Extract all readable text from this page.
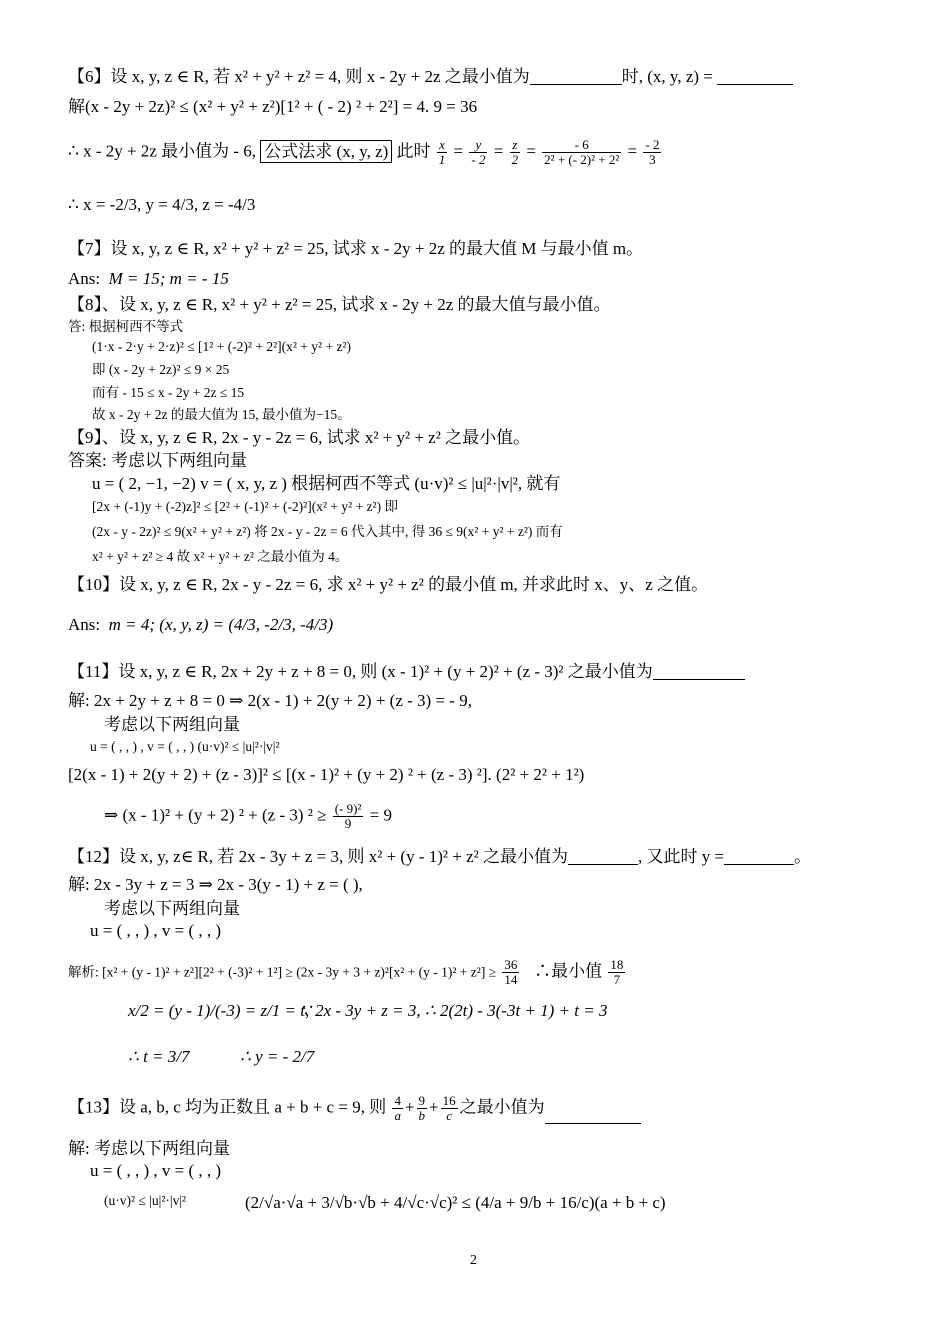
【6】设 x, y, z ∈ R, 若 x² + y² + z² = 4, 则 x - 2y + 2z 之最小值为	时, (x, y, z) =
解(x - 2y + 2z)² ≤ (x² + y² + z²)[1² + ( - 2) ² + 2²] = 4. 9 = 36
∴ x - 2y + 2z 最小值为 - 6, 公式法求 (x, y, z) 此时 $\frac{x}{1} = \frac{y}{- 2} = \frac{z}{2} = \frac{- 6}{\text{2² + (- 2)² + 2²}} = \frac{- 2}{3}$
∴ x = -2/3, y = 4/3, z = -4/3
【7】设 x, y, z ∈ R, x² + y² + z² = 25, 试求 x - 2y + 2z 的最大值 M 与最小值 m。
Ans: M = 15; m = - 15
【8】、设 x, y, z ∈ R, x² + y² + z² = 25, 试求 x - 2y + 2z 的最大值与最小值。
答: 根据柯西不等式
(1·x - 2·y + 2·z)² ≤ [1² + (-2)² + 2²](x² + y² + z²)
即 (x - 2y + 2z)² ≤ 9 × 25
而有 - 15 ≤ x - 2y + 2z ≤ 15
故 x - 2y + 2z 的最大值为 15, 最小值为−15。
【9】、设 x, y, z ∈ R, 2x - y - 2z = 6, 试求 x² + y² + z² 之最小值。
答案: 考虑以下两组向量
u = ( 2, −1, −2) v = ( x, y, z ) 根据柯西不等式 (u·v)² ≤ |u|²·|v|², 就有
[2x + (-1)y + (-2)z]² ≤ [2² + (-1)² + (-2)²](x² + y² + z²) 即
(2x - y - 2z)² ≤ 9(x² + y² + z²) 将 2x - y - 2z = 6 代入其中, 得 36 ≤ 9(x² + y² + z²) 而有
x² + y² + z² ≥ 4 故 x² + y² + z² 之最小值为 4。
【10】设 x, y, z ∈ R, 2x - y - 2z = 6, 求 x² + y² + z² 的最小值 m, 并求此时 x、y、z 之值。
Ans: m = 4; (x, y, z) = (4/3, -2/3, -4/3)
【11】设 x, y, z ∈ R, 2x + 2y + z + 8 = 0, 则 (x - 1)² + (y + 2)² + (z - 3)² 之最小值为
解: 2x + 2y + z + 8 = 0 ⇒ 2(x - 1) + 2(y + 2) + (z - 3) = - 9,
考虑以下两组向量
u = ( , , ) , v = ( , , ) (u·v)² ≤ |u|²·|v|²
[2(x - 1) + 2(y + 2) + (z - 3)]² ≤ [(x - 1)² + (y + 2) ² + (z - 3) ²]. (2² + 2² + 1²)
⇒ (x - 1)² + (y + 2) ² + (z - 3) $^2 \ge \frac{\text{(- 9)²}}{9} = 9$
【12】设 x, y, z∈ R, 若 2x - 3y + z = 3, 则 x² + (y - 1)² + z² 之最小值为	, 又此时 y =	。
解: 2x - 3y + z = 3 ⇒ 2x - 3(y - 1) + z = ( ),
考虑以下两组向量
u = ( , , ) , v = ( , , )
解析: $[x^2 + (y - 1)^2 + z^2][2^2 + (-3)^2 + 1^2] \ge (2x - 3y + 3 + z)^2[x^2 + (y - 1)^2 + z^2] \ge \frac{36}{14}$ ∴最小值 $\frac{18}{7}$
x/2 = (y - 1)/(-3) = z/1 = t,
∵ 2x - 3y + z = 3, ∴ 2(2t) - 3(-3t + 1) + t = 3
∴ t = 3/7	∴ y = - 2/7
【13】设 a, b, c 均为正数且 a + b + c = 9, 则 $\frac{4}{a} + \frac{9}{b} + \frac{16}{c}$ 之最小值为
解: 考虑以下两组向量
u = ( , , ) , v = ( , , )
(u·v)² ≤ |u|²·|v|²	(2/√a·√a + 3/√b·√b + 4/√c·√c)² ≤ (4/a + 9/b + 16/c)(a + b + c)
2
